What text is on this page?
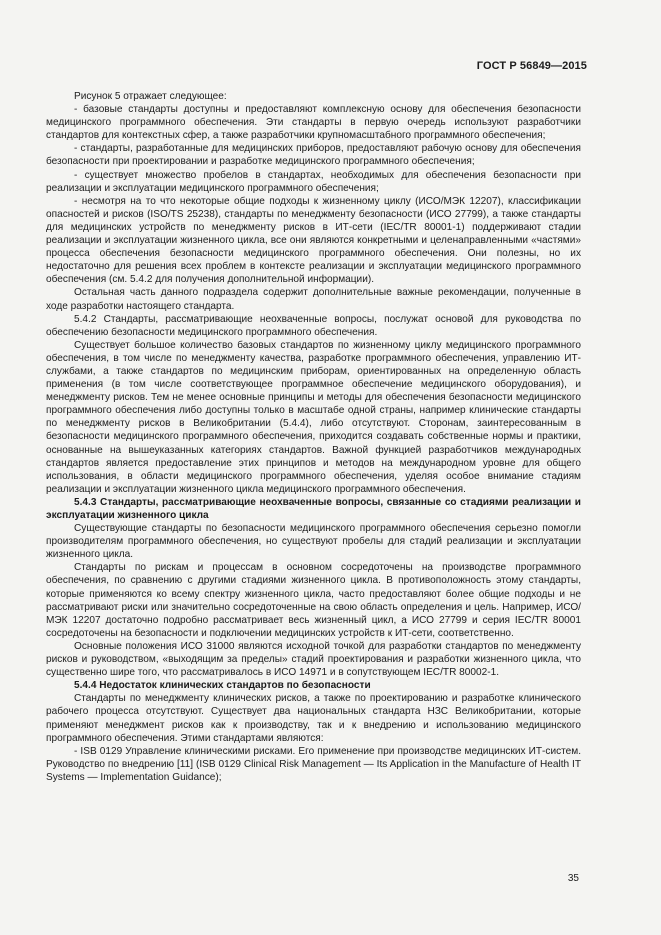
ГОСТ Р 56849—2015

Рисунок 5 отражает следующее:

- базовые стандарты доступны и предоставляют комплексную основу для обеспечения безопасности медицинского программного обеспечения. Эти стандарты в первую очередь используют разработчики стандартов для контекстных сфер, а также разработчики крупномасштабного программного обеспечения;

- стандарты, разработанные для медицинских приборов, предоставляют рабочую основу для обеспечения безопасности при проектировании и разработке медицинского программного обеспечения;

- существует множество пробелов в стандартах, необходимых для обеспечения безопасности при реализации и эксплуатации медицинского программного обеспечения;

- несмотря на то что некоторые общие подходы к жизненному циклу (ИСО/МЭК 12207), классификации опасностей и рисков (ISO/TS 25238), стандарты по менеджменту безопасности (ИСО 27799), а также стандарты для медицинских устройств по менеджменту рисков в ИТ-сети (IEC/TR 80001-1) поддерживают стадии реализации и эксплуатации жизненного цикла, все они являются конкретными и целенаправленными «частями» процесса обеспечения безопасности медицинского программного обеспечения. Они полезны, но их недостаточно для решения всех проблем в контексте реализации и эксплуатации медицинского программного обеспечения (см. 5.4.2 для получения дополнительной информации).

Остальная часть данного подраздела содержит дополнительные важные рекомендации, полученные в ходе разработки настоящего стандарта.

5.4.2 Стандарты, рассматривающие неохваченные вопросы, послужат основой для руководства по обеспечению безопасности медицинского программного обеспечения.

Существует большое количество базовых стандартов по жизненному циклу медицинского программного обеспечения, в том числе по менеджменту качества, разработке программного обеспечения, управлению ИТ-службами, а также стандартов по медицинским приборам, ориентированных на определенную область применения (в том числе соответствующее программное обеспечение медицинского оборудования), и менеджменту рисков. Тем не менее основные принципы и методы для обеспечения безопасности медицинского программного обеспечения либо доступны только в масштабе одной страны, например клинические стандарты по менеджменту рисков в Великобритании (5.4.4), либо отсутствуют. Сторонам, заинтересованным в безопасности медицинского программного обеспечения, приходится создавать собственные нормы и практики, основанные на вышеуказанных категориях стандартов. Важной функцией разработчиков международных стандартов является предоставление этих принципов и методов на международном уровне для общего использования, в области медицинского программного обеспечения, уделяя особое внимание стадиям реализации и эксплуатации жизненного цикла медицинского программного обеспечения.

5.4.3 Стандарты, рассматривающие неохваченные вопросы, связанные со стадиями реализации и эксплуатации жизненного цикла

Существующие стандарты по безопасности медицинского программного обеспечения серьезно помогли производителям программного обеспечения, но существуют пробелы для стадий реализации и эксплуатации жизненного цикла.

Стандарты по рискам и процессам в основном сосредоточены на производстве программного обеспечения, по сравнению с другими стадиями жизненного цикла. В противоположность этому стандарты, которые применяются ко всему спектру жизненного цикла, часто предоставляют более общие подходы и не рассматривают риски или значительно сосредоточенные на свою область определения и цель. Например, ИСО/МЭК 12207 достаточно подробно рассматривает весь жизненный цикл, а ИСО 27799 и серия IEC/TR 80001 сосредоточены на безопасности и подключении медицинских устройств к ИТ-сети, соответственно.

Основные положения ИСО 31000 являются исходной точкой для разработки стандартов по менеджменту рисков и руководством, «выходящим за пределы» стадий проектирования и разработки жизненного цикла, что существенно шире того, что рассматривалось в ИСО 14971 и в сопутствующем IEC/TR 80002-1.

5.4.4 Недостаток клинических стандартов по безопасности

Стандарты по менеджменту клинических рисков, а также по проектированию и разработке клинического рабочего процесса отсутствуют. Существует два национальных стандарта НЗС Великобритании, которые применяют менеджмент рисков как к производству, так и к внедрению и использованию медицинского программного обеспечения. Этими стандартами являются:

- ISB 0129 Управление клиническими рисками. Его применение при производстве медицинских ИТ-систем. Руководство по внедрению [11] (ISB 0129 Clinical Risk Management — Its Application in the Manufacture of Health IT Systems — Implementation Guidance);

35
